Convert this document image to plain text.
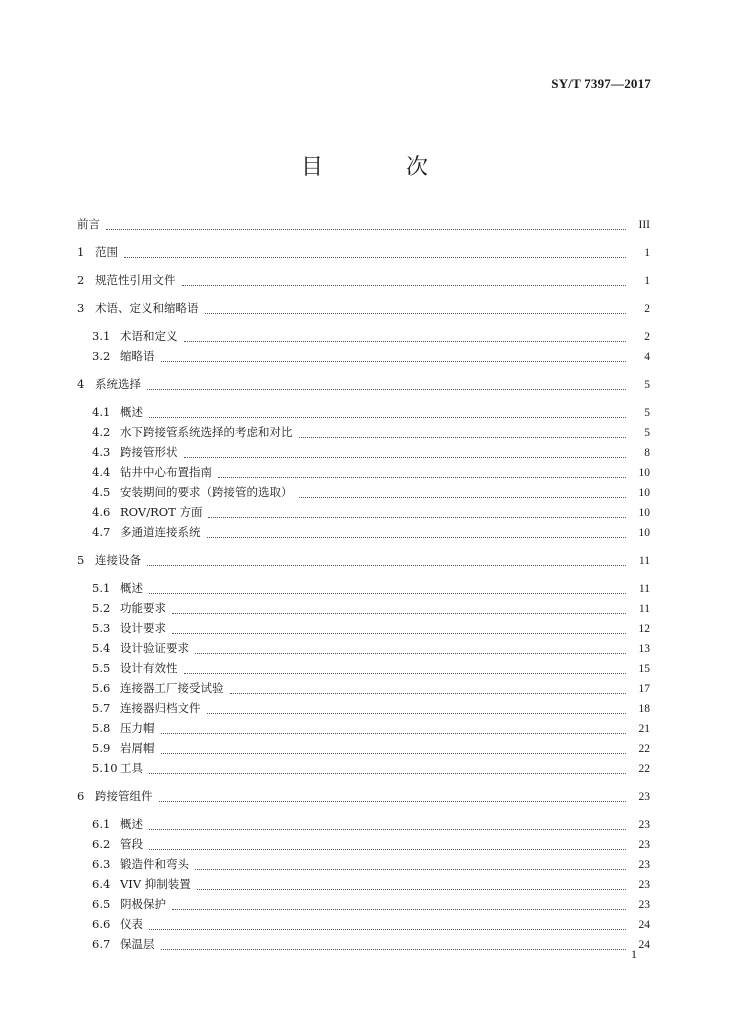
SY/T 7397—2017
目 次
前言	III
1 范围	1
2 规范性引用文件	1
3 术语、定义和缩略语	2
3.1 术语和定义	2
3.2 缩略语	4
4 系统选择	5
4.1 概述	5
4.2 水下跨接管系统选择的考虑和对比	5
4.3 跨接管形状	8
4.4 钻井中心布置指南	10
4.5 安装期间的要求（跨接管的选取）	10
4.6 ROV/ROT 方面	10
4.7 多通道连接系统	10
5 连接设备	11
5.1 概述	11
5.2 功能要求	11
5.3 设计要求	12
5.4 设计验证要求	13
5.5 设计有效性	15
5.6 连接器工厂接受试验	17
5.7 连接器归档文件	18
5.8 压力帽	21
5.9 岩屑帽	22
5.10 工具	22
6 跨接管组件	23
6.1 概述	23
6.2 管段	23
6.3 锻造件和弯头	23
6.4 VIV 抑制装置	23
6.5 阴极保护	23
6.6 仪表	24
6.7 保温层	24
1
